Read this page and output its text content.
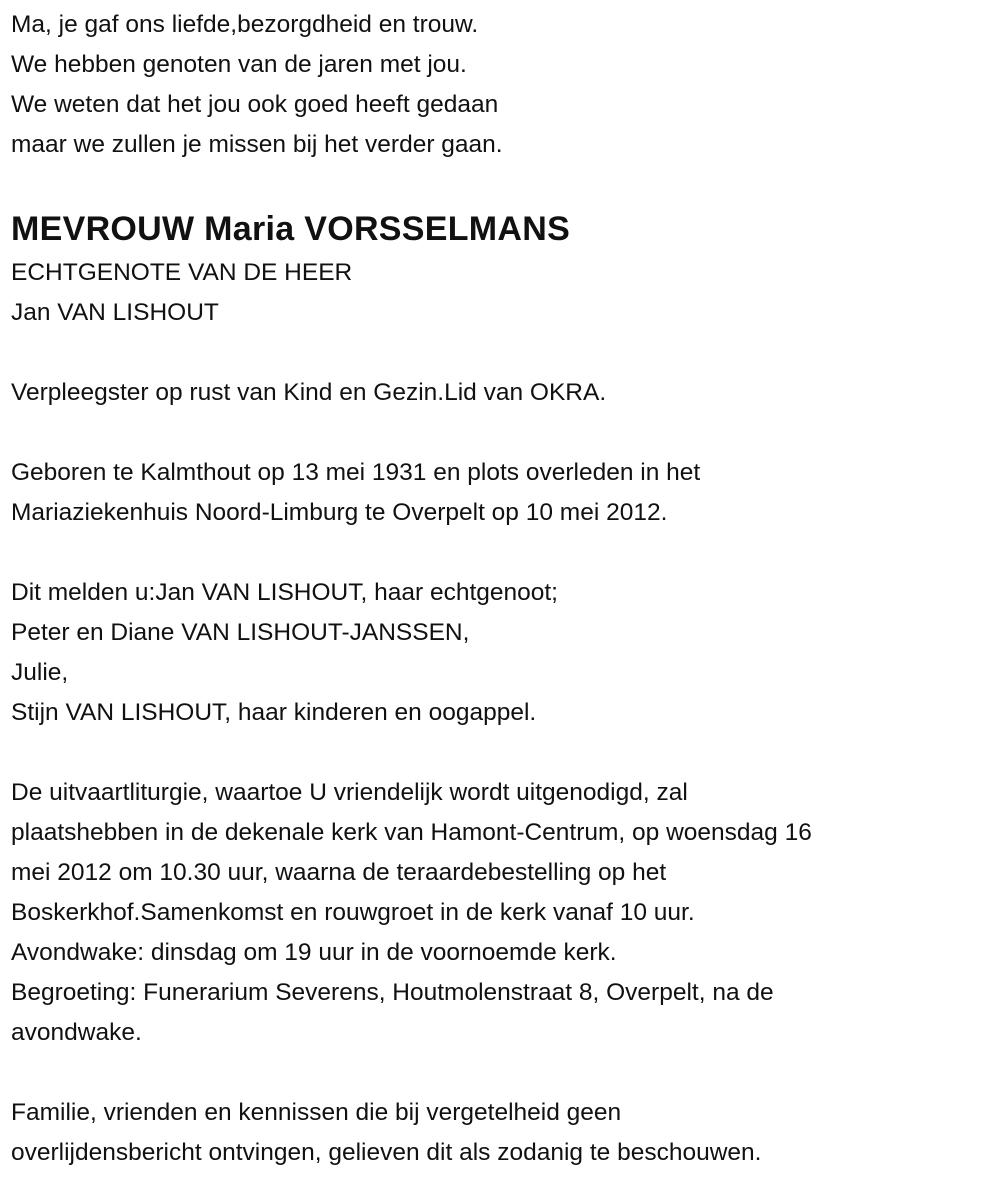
Ma, je gaf ons liefde,bezorgdheid en trouw.
We hebben genoten van de jaren met jou.
We weten dat het jou ook goed heeft gedaan
maar we zullen je missen bij het verder gaan.
MEVROUW Maria VORSSELMANS
ECHTGENOTE VAN DE HEER
Jan VAN LISHOUT
Verpleegster op rust van Kind en Gezin.Lid van OKRA.
Geboren te Kalmthout op 13 mei 1931 en plots overleden in het
Mariaziekenhuis Noord-Limburg te Overpelt op 10 mei 2012.
Dit melden u:Jan VAN LISHOUT, haar echtgenoot;
Peter en Diane VAN LISHOUT-JANSSEN,
Julie,
Stijn VAN LISHOUT, haar kinderen en oogappel.
De uitvaartliturgie, waartoe U vriendelijk wordt uitgenodigd, zal
plaatshebben in de dekenale kerk van Hamont-Centrum, op woensdag 16
mei 2012 om 10.30 uur, waarna de teraardebestelling op het
Boskerkhof.Samenkomst en rouwgroet in de kerk vanaf 10 uur.
Avondwake: dinsdag om 19 uur in de voornoemde kerk.
Begroeting: Funerarium Severens, Houtmolenstraat 8, Overpelt, na de
avondwake.
Familie, vrienden en kennissen die bij vergetelheid geen
overlijdensbericht ontvingen, gelieven dit als zodanig te beschouwen.
